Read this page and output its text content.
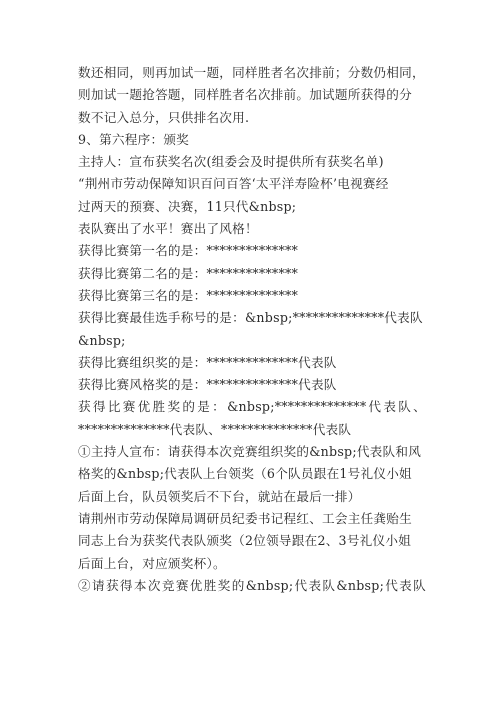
数还相同，则再加试一题，同样胜者名次排前；分数仍相同，
则加试一题抢答题，同样胜者名次排前。加试题所获得的分
数不记入总分，只供排名次用.
9、第六程序：颁奖
主持人：宣布获奖名次(组委会及时提供所有获奖名单)
“荆州市劳动保障知识百问百答‘太平洋寿险杯’电视赛经
过两天的预赛、决赛，11只代&nbsp;
表队赛出了水平！赛出了风格！
获得比赛第一名的是：**************
获得比赛第二名的是：**************
获得比赛第三名的是：**************
获得比赛最佳选手称号的是：&nbsp;**************代表队
&nbsp;
获得比赛组织奖的是：**************代表队
获得比赛风格奖的是：**************代表队
获得比赛优胜奖的是：&nbsp;**************代表队、
**************代表队、**************代表队
①主持人宣布：请获得本次竞赛组织奖的&nbsp;代表队和风
格奖的&nbsp;代表队上台领奖（6个队员跟在1号礼仪小姐
后面上台，队员领奖后不下台，就站在最后一排）
请荆州市劳动保障局调研员纪委书记程红、工会主任龚贻生
同志上台为获奖代表队颁奖（2位领导跟在2、3号礼仪小姐
后面上台，对应颁奖杯）。
②请获得本次竞赛优胜奖的&nbsp;代表队&nbsp;代表队
